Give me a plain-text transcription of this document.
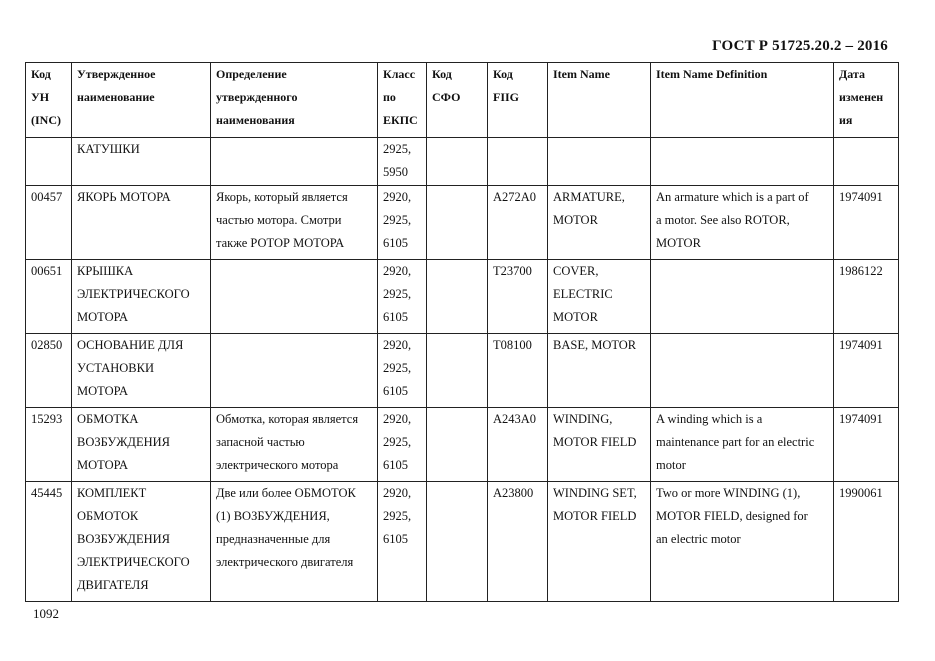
ГОСТ Р 51725.20.2 – 2016
Код
УН
(INC)	Утвержденное
наименование	Определение
утвержденного
наименования	Класс
по
ЕКПС	Код
СФО	Код
FIIG	Item Name	Item Name Definition	Дата
изменен
ия

	КАТУШКИ		2925,
5950					

00457	ЯКОРЬ МОТОРА	Якорь, который является
частью мотора. Смотри
также РОТОР МОТОРА	2920,
2925,
6105		A272A0	ARMATURE,
MOTOR	An armature which is a part of
a motor. See also ROTOR,
MOTOR	1974091

00651	КРЫШКА
ЭЛЕКТРИЧЕСКОГО
МОТОРА		2920,
2925,
6105		T23700	COVER,
ELECTRIC
MOTOR		1986122

02850	ОСНОВАНИЕ ДЛЯ
УСТАНОВКИ
МОТОРА		2920,
2925,
6105		T08100	BASE, MOTOR		1974091

15293	ОБМОТКА
ВОЗБУЖДЕНИЯ
МОТОРА	Обмотка, которая является
запасной частью
электрического мотора	2920,
2925,
6105		A243A0	WINDING,
MOTOR FIELD	A winding which is a
maintenance part for an electric
motor	1974091

45445	КОМПЛЕКТ
ОБМОТОК
ВОЗБУЖДЕНИЯ
ЭЛЕКТРИЧЕСКОГО
ДВИГАТЕЛЯ	Две или более ОБМОТОК
(1) ВОЗБУЖДЕНИЯ,
предназначенные для
электрического двигателя	2920,
2925,
6105		A23800	WINDING SET,
MOTOR FIELD	Two or more WINDING (1),
MOTOR FIELD, designed for
an electric motor	1990061
1092
